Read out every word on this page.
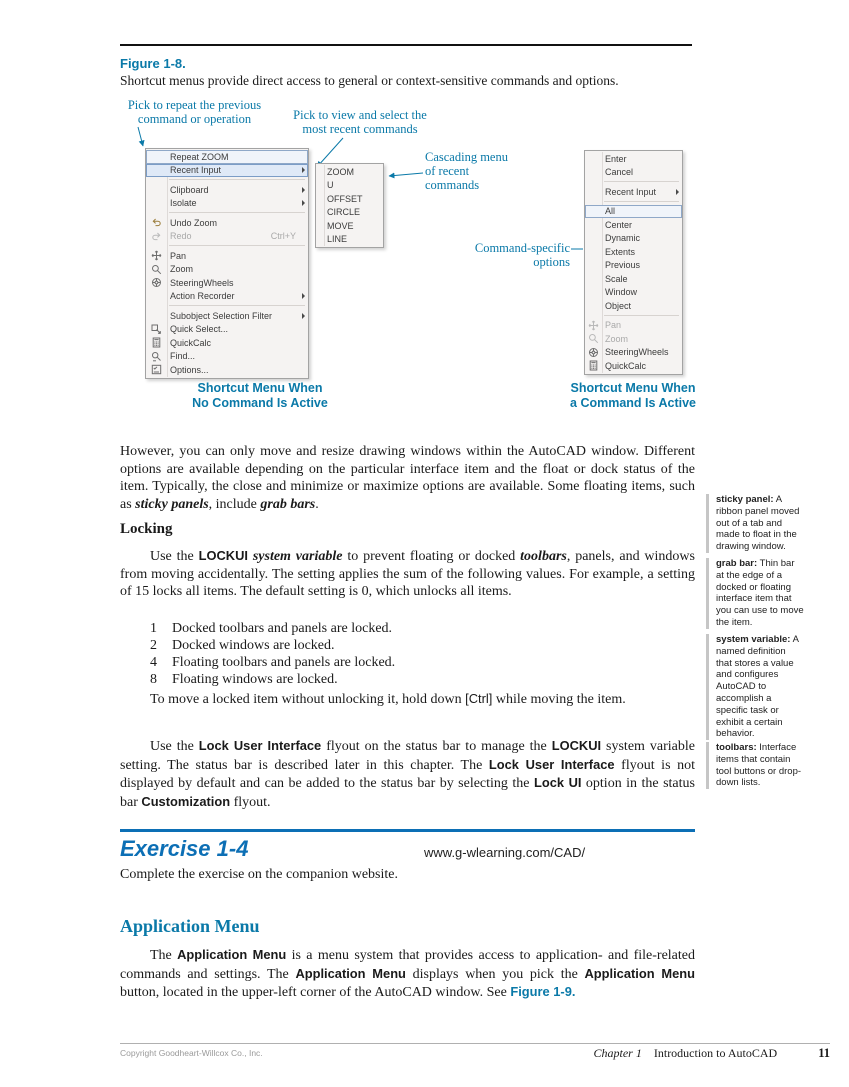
Figure 1-8.
Shortcut menus provide direct access to general or context-sensitive commands and options.
Pick to repeat the previous command or operation	Pick to view and select the most recent commands
Cascading menu of recent commands
Command-specific options
Repeat ZOOM
Recent Input
Clipboard
Isolate
Undo Zoom
Redo	Ctrl+Y
Pan
Zoom
SteeringWheels
Action Recorder
Subobject Selection Filter
Quick Select...
QuickCalc
Find...
Options...
ZOOM
U
OFFSET
CIRCLE
MOVE
LINE
Enter
Cancel
Recent Input
All
Center
Dynamic
Extents
Previous
Scale
Window
Object
Pan
Zoom
SteeringWheels
QuickCalc
Shortcut Menu When
No Command Is Active
Shortcut Menu When
a Command Is Active
However, you can only move and resize drawing windows within the AutoCAD window. Different options are available depending on the particular interface item and the float or dock status of the item. Typically, the close and minimize or maximize options are available. Some floating items, such as sticky panels, include grab bars.
Locking
Use the LOCKUI system variable to prevent floating or docked toolbars, panels, and windows from moving accidentally. The setting applies the sum of the following values. For example, a setting of 15 locks all items. The default setting is 0, which unlocks all items.
1 Docked toolbars and panels are locked.
2 Docked windows are locked.
4 Floating toolbars and panels are locked.
8 Floating windows are locked.
To move a locked item without unlocking it, hold down [Ctrl] while moving the item.
Use the Lock User Interface flyout on the status bar to manage the LOCKUI system variable setting. The status bar is described later in this chapter. The Lock User Interface flyout is not displayed by default and can be added to the status bar by selecting the Lock UI option in the status bar Customization flyout.
Exercise 1-4	www.g-wlearning.com/CAD/
Complete the exercise on the companion website.
Application Menu
The Application Menu is a menu system that provides access to application- and file-related commands and settings. The Application Menu displays when you pick the Application Menu button, located in the upper-left corner of the AutoCAD window. See Figure 1-9.
sticky panel: A ribbon panel moved out of a tab and made to float in the drawing window.
grab bar: Thin bar at the edge of a docked or floating interface item that you can use to move the item.
system variable: A named definition that stores a value and configures AutoCAD to accomplish a specific task or exhibit a certain behavior.
toolbars: Interface items that contain tool buttons or drop-down lists.
Copyright Goodheart-Willcox Co., Inc.	Chapter 1 Introduction to AutoCAD	11
